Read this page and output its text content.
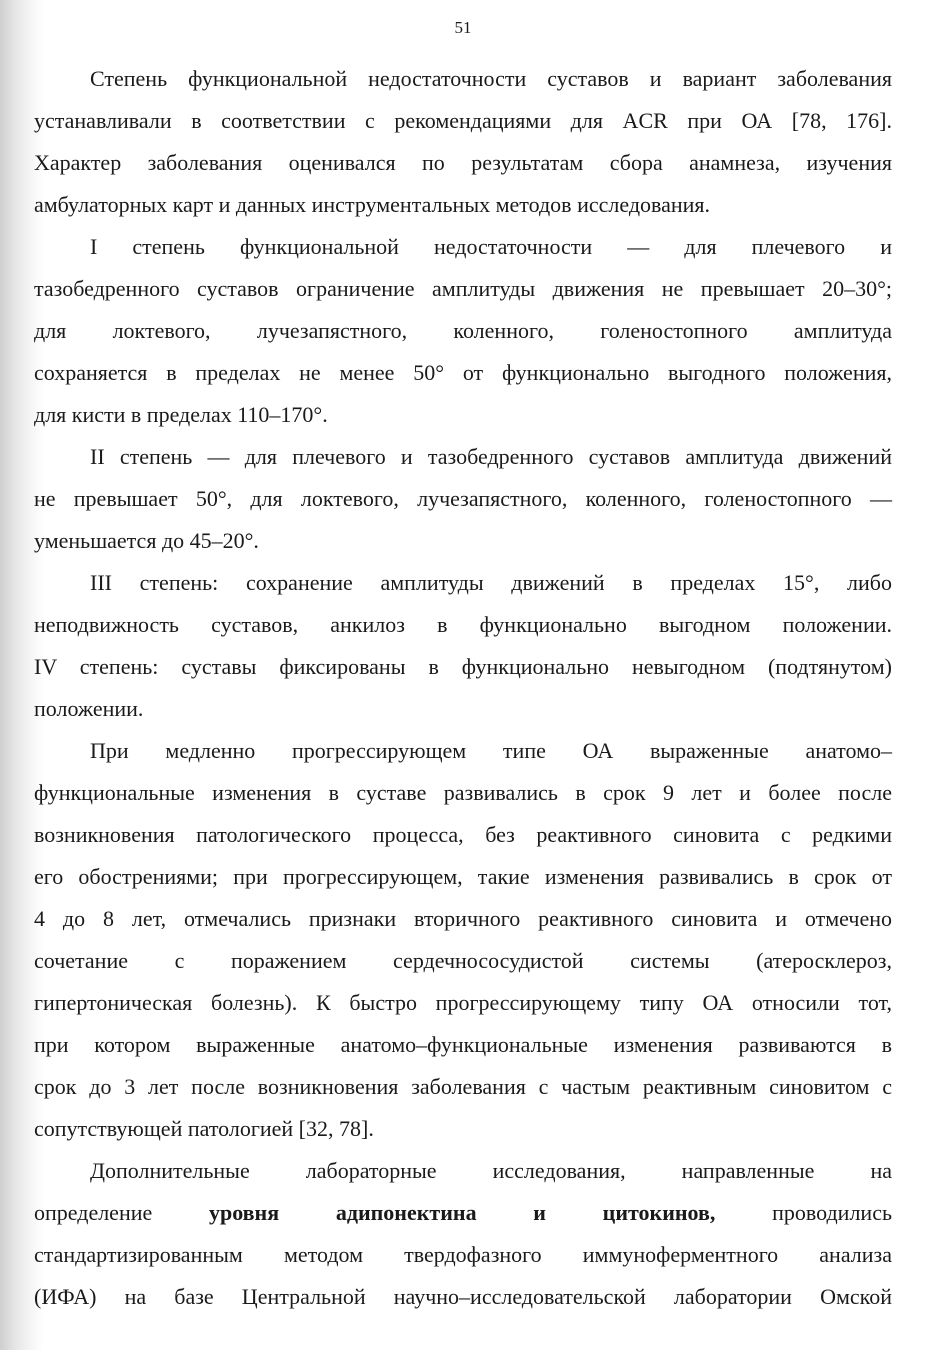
51

Степень функциональной недостаточности суставов и вариант заболевания
устанавливали в соответствии с рекомендациями для ACR при ОА [78, 176].
Характер заболевания оценивался по результатам сбора анамнеза, изучения
амбулаторных карт и данных инструментальных методов исследования.

I степень функциональной недостаточности — для плечевого и
тазобедренного суставов ограничение амплитуды движения не превышает 20–30°;
для локтевого, лучезапястного, коленного, голеностопного амплитуда
сохраняется в пределах не менее 50° от функционально выгодного положения,
для кисти в пределах 110–170°.

II степень — для плечевого и тазобедренного суставов амплитуда движений
не превышает 50°, для локтевого, лучезапястного, коленного, голеностопного —
уменьшается до 45–20°.

III степень: сохранение амплитуды движений в пределах 15°, либо
неподвижность суставов, анкилоз в функционально выгодном положении.
IV степень: суставы фиксированы в функционально невыгодном (подтянутом)
положении.

При медленно прогрессирующем типе ОА выраженные анатомо–
функциональные изменения в суставе развивались в срок 9 лет и более после
возникновения патологического процесса, без реактивного синовита с редкими
его обострениями; при прогрессирующем, такие изменения развивались в срок от
4 до 8 лет, отмечались признаки вторичного реактивного синовита и отмечено
сочетание с поражением сердечнососудистой системы (атеросклероз,
гипертоническая болезнь). К быстро прогрессирующему типу ОА относили тот,
при котором выраженные анатомо–функциональные изменения развиваются в
срок до 3 лет после возникновения заболевания с частым реактивным синовитом с
сопутствующей патологией [32, 78].

Дополнительные лабораторные исследования, направленные на
определение	уровня адипонектина и цитокинов,	проводились
стандартизированным методом твердофазного иммуноферментного анализа
(ИФА) на базе Центральной научно–исследовательской лаборатории Омской
